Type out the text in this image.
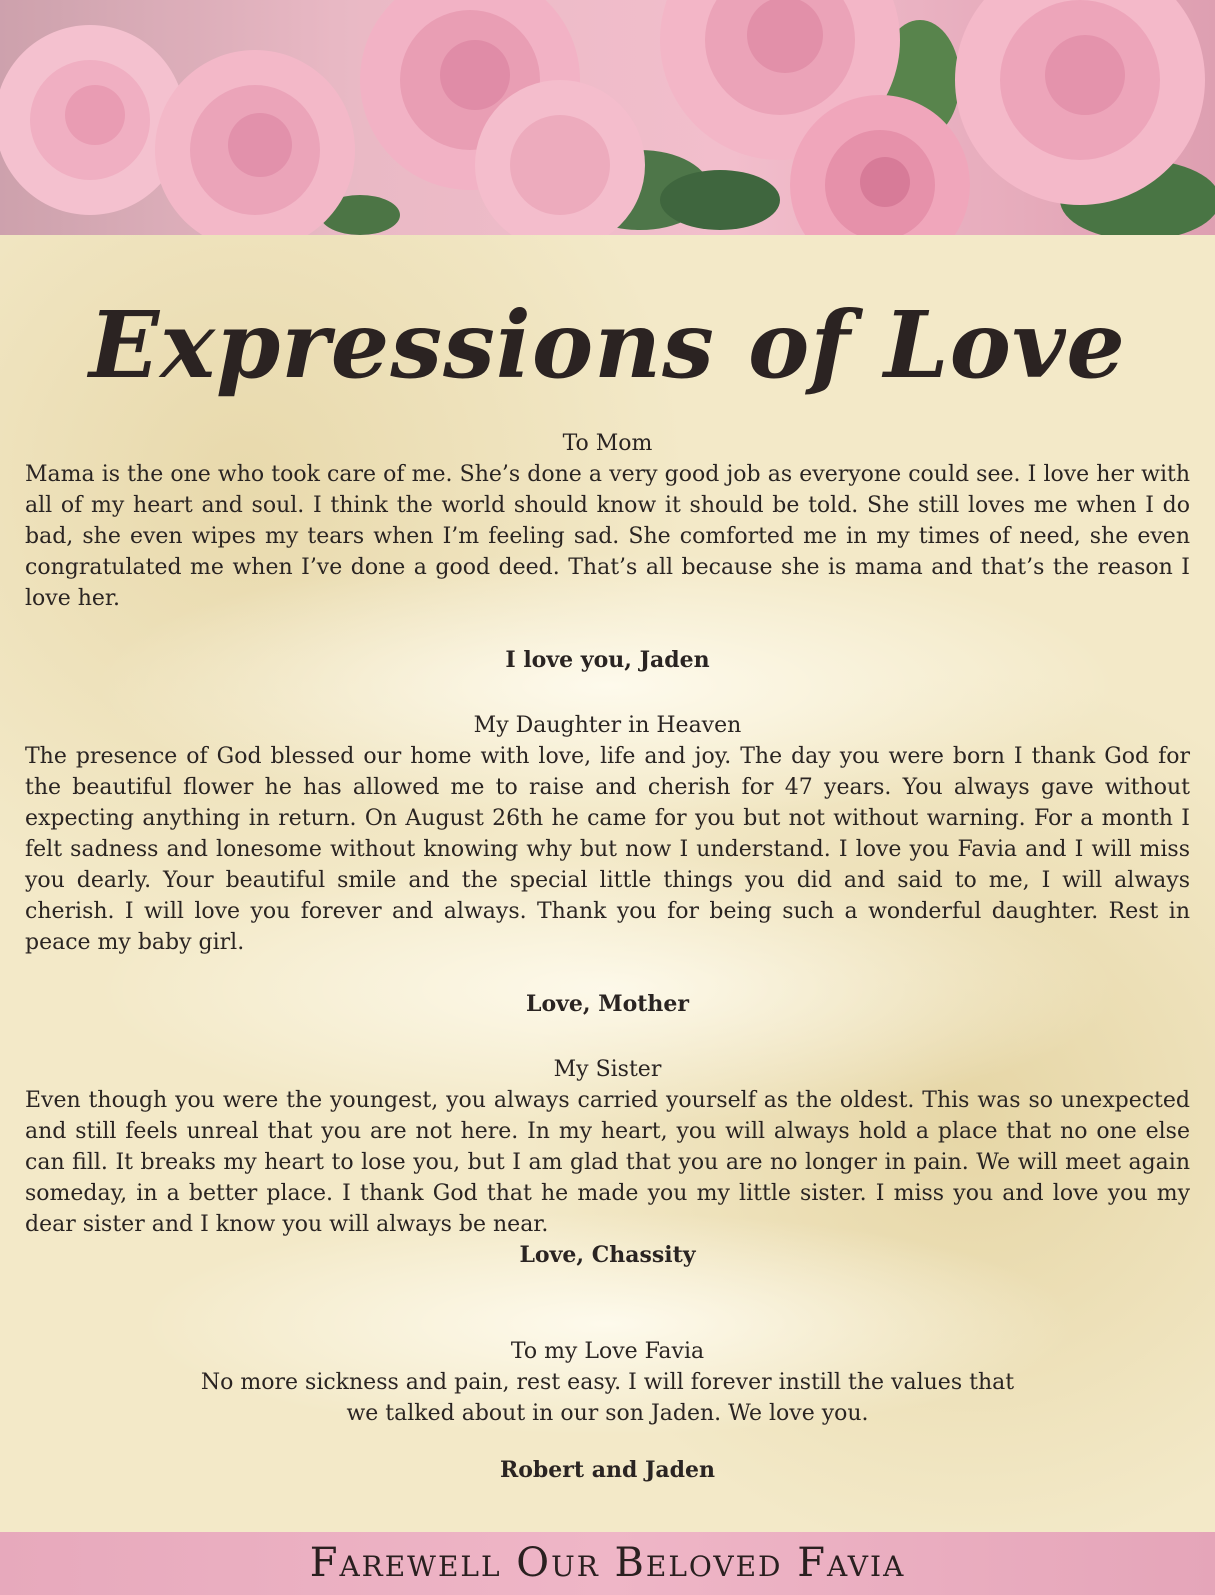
Expressions of Love

To Mom

Mama is the one who took care of me. She’s done a very good job as everyone could see. I love her with all of my heart and soul. I think the world should know it should be told. She still loves me when I do bad, she even wipes my tears when I’m feeling sad. She comforted me in my times of need, she even congratulated me when I’ve done a good deed. That’s all because she is mama and that’s the reason I love her.

I love you, Jaden

My Daughter in Heaven

The presence of God blessed our home with love, life and joy. The day you were born I thank God for the beautiful flower he has allowed me to raise and cherish for 47 years. You always gave without expecting anything in return. On August 26th he came for you but not without warning. For a month I felt sadness and lonesome without knowing why but now I understand. I love you Favia and I will miss you dearly. Your beautiful smile and the special little things you did and said to me, I will always cherish. I will love you forever and always. Thank you for being such a wonderful daughter. Rest in peace my baby girl.

Love, Mother

My Sister

Even though you were the youngest, you always carried yourself as the oldest. This was so unexpected and still feels unreal that you are not here. In my heart, you will always hold a place that no one else can fill. It breaks my heart to lose you, but I am glad that you are no longer in pain. We will meet again someday, in a better place. I thank God that he made you my little sister. I miss you and love you my dear sister and I know you will always be near.

Love, Chassity

To my Love Favia

No more sickness and pain, rest easy. I will forever instill the values that

we talked about in our son Jaden. We love you.

Robert and Jaden

Farewell Our Beloved Favia
